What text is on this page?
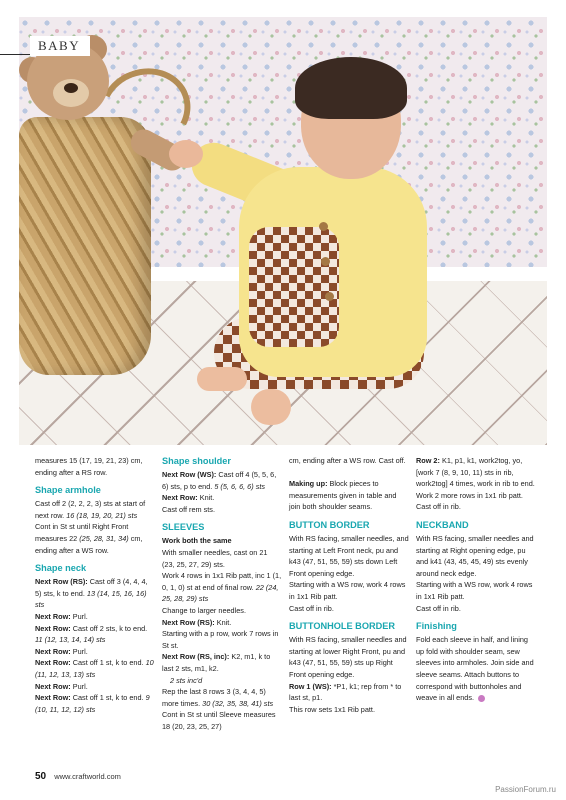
BABY

measures 15 (17, 19, 21, 23) cm, ending after a RS row.

Shape armhole

Cast off 2 (2, 2, 2, 3) sts at start of next row. 16 (18, 19, 20, 21) sts

Cont in St st until Right Front measures 22 (25, 28, 31, 34) cm, ending after a WS row.

Shape neck

Next Row (RS): Cast off 3 (4, 4, 4, 5) sts, k to end. 13 (14, 15, 16, 16) sts

Next Row: Purl.

Next Row: Cast off 2 sts, k to end. 11 (12, 13, 14, 14) sts

Next Row: Purl.

Next Row: Cast off 1 st, k to end. 10 (11, 12, 13, 13) sts

Next Row: Purl.

Next Row: Cast off 1 st, k to end. 9 (10, 11, 12, 12) sts

Shape shoulder

Next Row (WS): Cast off 4 (5, 5, 6, 6) sts, p to end. 5 (5, 6, 6, 6) sts

Next Row: Knit.

Cast off rem sts.

SLEEVES

Work both the same

With smaller needles, cast on 21 (23, 25, 27, 29) sts.

Work 4 rows in 1x1 Rib patt, inc 1 (1, 0, 1, 0) st at end of final row. 22 (24, 25, 28, 29) sts

Change to larger needles.

Next Row (RS): Knit.

Starting with a p row, work 7 rows in St st.

Next Row (RS, inc): K2, m1, k to last 2 sts, m1, k2.
2 sts inc'd

Rep the last 8 rows 3 (3, 4, 4, 5) more times. 30 (32, 35, 38, 41) sts

Cont in St st until Sleeve measures 18 (20, 23, 25, 27)

cm, ending after a WS row. Cast off.

Making up: Block pieces to measurements given in table and join both shoulder seams.

BUTTON BORDER

With RS facing, smaller needles, and starting at Left Front neck, pu and k43 (47, 51, 55, 59) sts down Left Front opening edge.

Starting with a WS row, work 4 rows in 1x1 Rib patt.

Cast off in rib.

BUTTONHOLE BORDER

With RS facing, smaller needles and starting at lower Right Front, pu and k43 (47, 51, 55, 59) sts up Right Front opening edge.

Row 1 (WS): *P1, k1; rep from * to last st, p1.

This row sets 1x1 Rib patt.

Row 2: K1, p1, k1, work2tog, yo, [work 7 (8, 9, 10, 11) sts in rib, work2tog] 4 times, work in rib to end.

Work 2 more rows in 1x1 rib patt.

Cast off in rib.

NECKBAND

With RS facing, smaller needles and starting at Right opening edge, pu and k41 (43, 45, 45, 49) sts evenly around neck edge.

Starting with a WS row, work 4 rows in 1x1 Rib patt.

Cast off in rib.

Finishing

Fold each sleeve in half, and lining up fold with shoulder seam, sew sleeves into armholes. Join side and sleeve seams. Attach buttons to correspond with buttonholes and weave in all ends.

50 www.craftworld.com
PassionForum.ru
